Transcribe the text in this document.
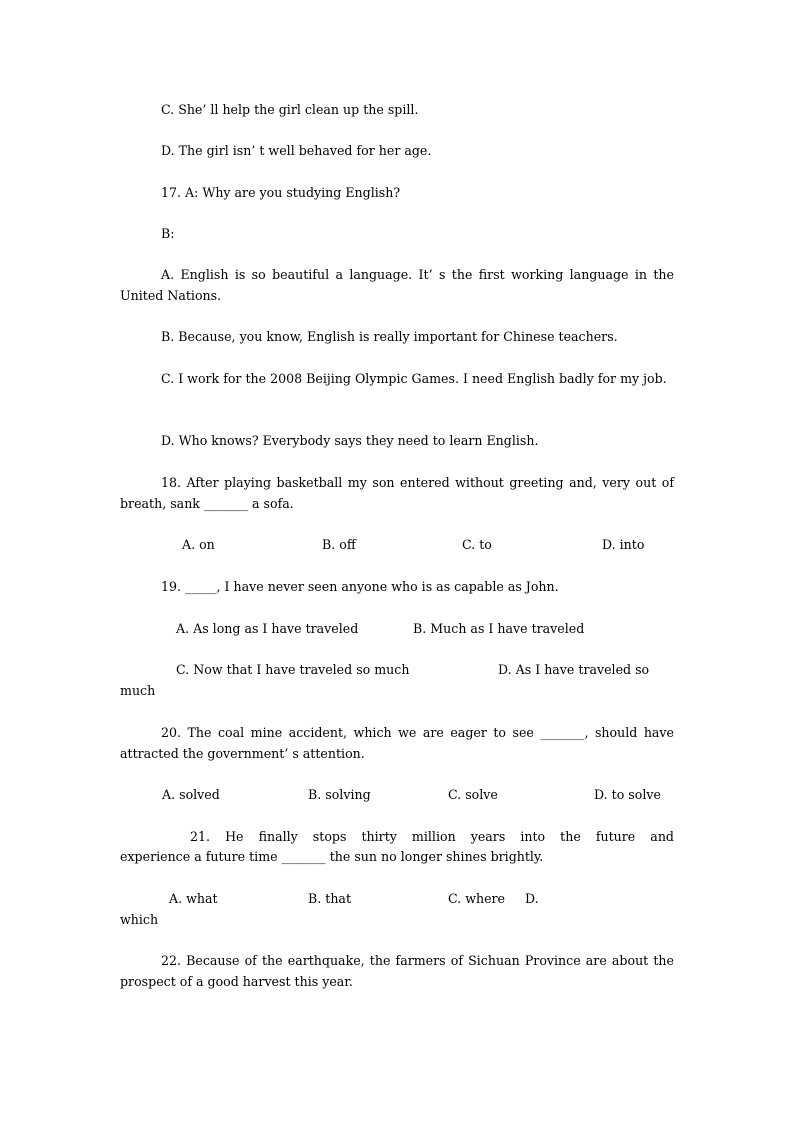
C. She’ ll help the girl clean up the spill.

D. The girl isn’ t well behaved for her age.

17. A: Why are you studying English?

B:

A. English is so beautiful a language. It’ s the first working language in the United Nations.

B. Because, you know, English is really important for Chinese teachers.

C. I work for the 2008 Beijing Olympic Games. I need English badly for my job.

D. Who knows? Everybody says they need to learn English.

18. After playing basketball my son entered without greeting and, very out of breath, sank _______ a sofa.

A. on	B. off	C. to	D. into

19. _____, I have never seen anyone who is as capable as John.

A. As long as I have traveled	B. Much as I have traveled
C. Now that I have traveled so much	D. As I have traveled so
much

20. The coal mine accident, which we are eager to see _______, should have attracted the government’ s attention.

A. solved	B. solving	C. solve	D. to solve

21. He finally stops thirty million years into the future and

experience a future time _______ the sun no longer shines brightly.

A. what	B. that	C. where D.
which

22. Because of the earthquake, the farmers of Sichuan Province are about the prospect of a good harvest this year.
